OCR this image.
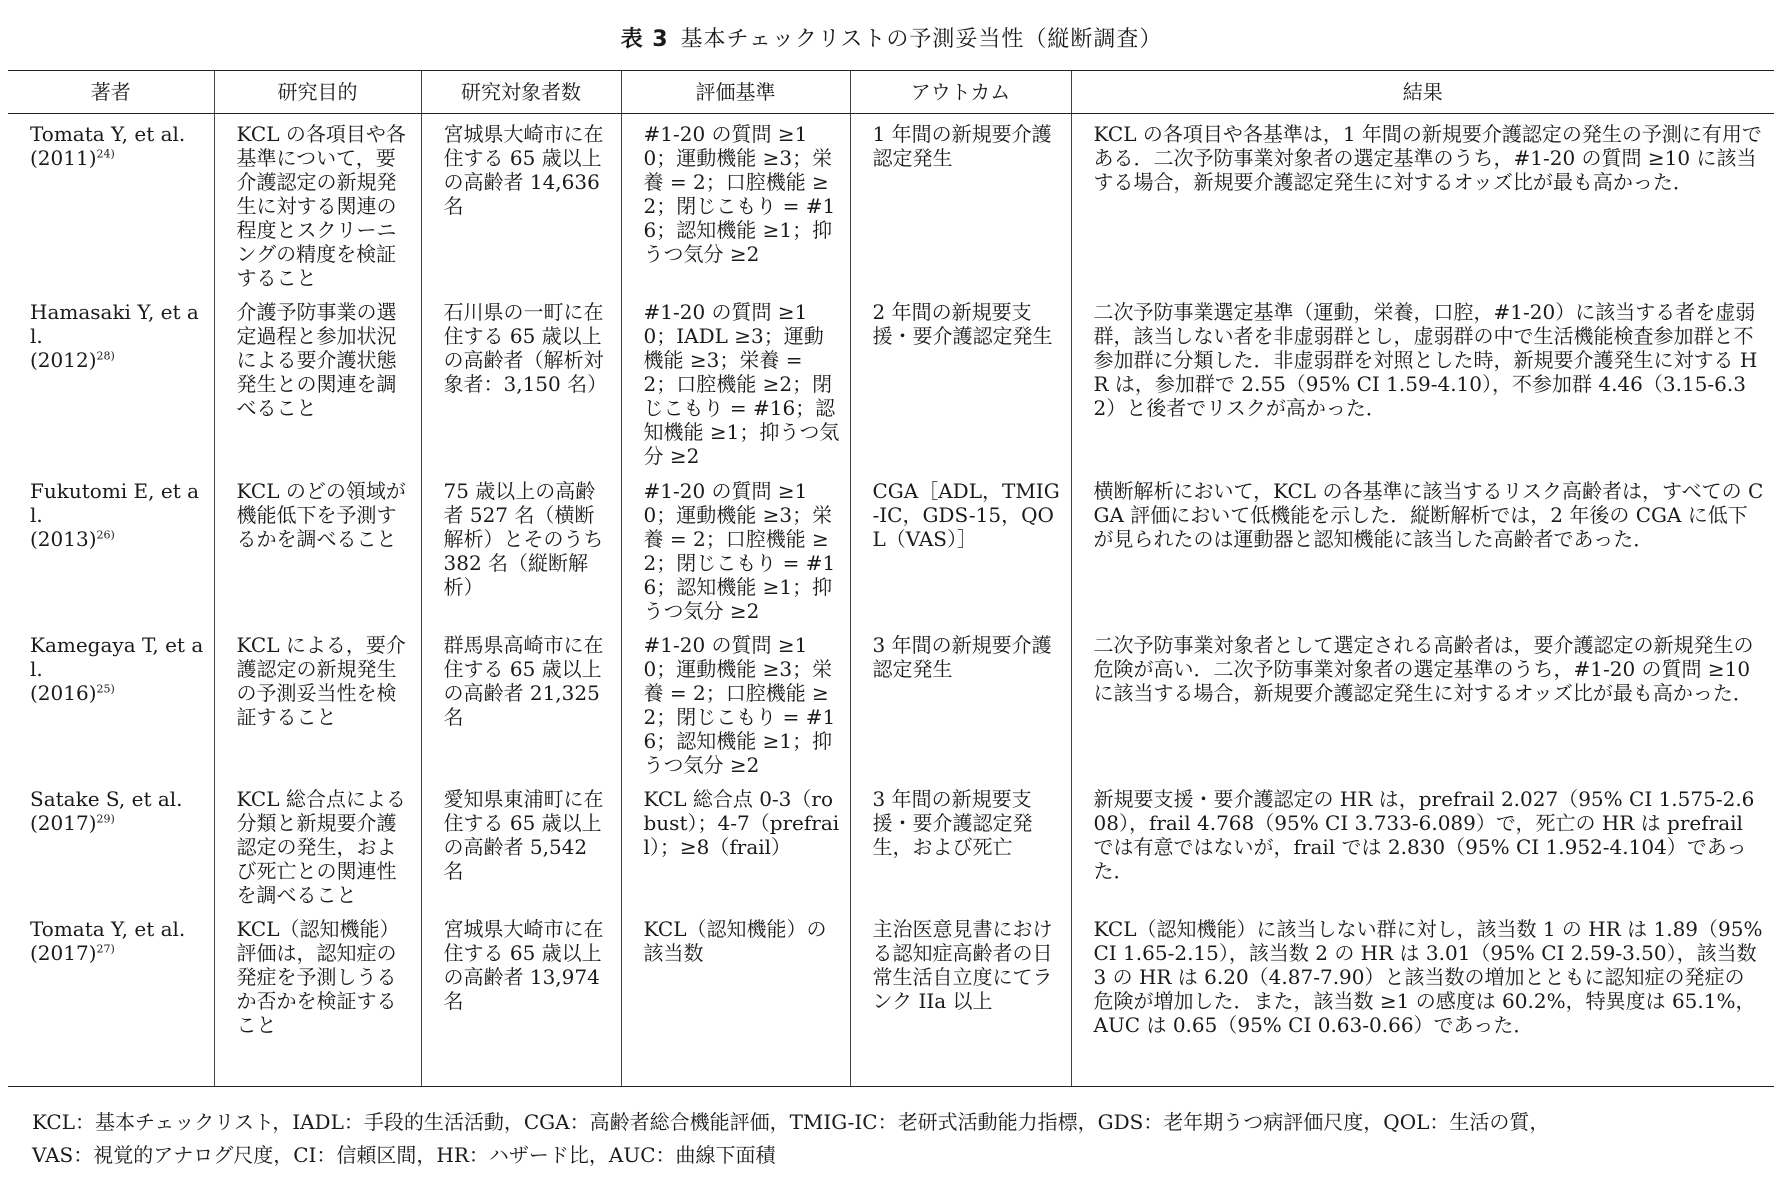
表 3 基本チェックリストの予測妥当性（縦断調査）
著者	研究目的	研究対象者数	評価基準	アウトカム	結果

Tomata Y, et al.
$(2011)^{24)}$	KCL の各項目や各基準について，要介護認定の新規発生に対する関連の程度とスクリーニングの精度を検証すること	宮城県大崎市に在住する 65 歳以上の高齢者 14,636 名	#1-20 の質問 ≥10；運動機能 ≥3；栄養 = 2；口腔機能 ≥2；閉じこもり = #16；認知機能 ≥1；抑うつ気分 ≥2	1 年間の新規要介護認定発生	KCL の各項目や各基準は，1 年間の新規要介護認定の発生の予測に有用である．二次予防事業対象者の選定基準のうち，#1-20 の質問 ≥10 に該当する場合，新規要介護認定発生に対するオッズ比が最も高かった．

Hamasaki Y, et al.
$(2012)^{28)}$	介護予防事業の選定過程と参加状況による要介護状態発生との関連を調べること	石川県の一町に在住する 65 歳以上の高齢者（解析対象者：3,150 名）	#1-20 の質問 ≥10；IADL ≥3；運動機能 ≥3；栄養 = 2；口腔機能 ≥2；閉じこもり = #16；認知機能 ≥1；抑うつ気分 ≥2	2 年間の新規要支援・要介護認定発生	二次予防事業選定基準（運動，栄養，口腔，#1-20）に該当する者を虚弱群，該当しない者を非虚弱群とし，虚弱群の中で生活機能検査参加群と不参加群に分類した．非虚弱群を対照とした時，新規要介護発生に対する HR は，参加群で 2.55（95% CI 1.59-4.10），不参加群 4.46（3.15-6.32）と後者でリスクが高かった．

Fukutomi E, et al.
$(2013)^{26)}$	KCL のどの領域が機能低下を予測するかを調べること	75 歳以上の高齢者 527 名（横断解析）とそのうち 382 名（縦断解析）	#1-20 の質問 ≥10；運動機能 ≥3；栄養 = 2；口腔機能 ≥2；閉じこもり = #16；認知機能 ≥1；抑うつ気分 ≥2	CGA［ADL，TMIG-IC，GDS-15，QOL（VAS）］	横断解析において，KCL の各基準に該当するリスク高齢者は，すべての CGA 評価において低機能を示した．縦断解析では，2 年後の CGA に低下が見られたのは運動器と認知機能に該当した高齢者であった．

Kamegaya T, et al.
$(2016)^{25)}$	KCL による，要介護認定の新規発生の予測妥当性を検証すること	群馬県高崎市に在住する 65 歳以上の高齢者 21,325 名	#1-20 の質問 ≥10；運動機能 ≥3；栄養 = 2；口腔機能 ≥2；閉じこもり = #16；認知機能 ≥1；抑うつ気分 ≥2	3 年間の新規要介護認定発生	二次予防事業対象者として選定される高齢者は，要介護認定の新規発生の危険が高い．二次予防事業対象者の選定基準のうち，#1-20 の質問 ≥10 に該当する場合，新規要介護認定発生に対するオッズ比が最も高かった．

Satake S, et al.
$(2017)^{29)}$	KCL 総合点による分類と新規要介護認定の発生，および死亡との関連性を調べること	愛知県東浦町に在住する 65 歳以上の高齢者 5,542 名	KCL 総合点 0-3（robust）；4-7（prefrail）；≥8（frail）	3 年間の新規要支援・要介護認定発生，および死亡	新規要支援・要介護認定の HR は，prefrail 2.027（95% CI 1.575-2.608），frail 4.768（95% CI 3.733-6.089）で，死亡の HR は prefrail では有意ではないが，frail では 2.830（95% CI 1.952-4.104）であった．

Tomata Y, et al.
$(2017)^{27)}$	KCL（認知機能）評価は，認知症の発症を予測しうるか否かを検証すること	宮城県大崎市に在住する 65 歳以上の高齢者 13,974 名	KCL（認知機能）の該当数	主治医意見書における認知症高齢者の日常生活自立度にてランク IIa 以上	KCL（認知機能）に該当しない群に対し，該当数 1 の HR は 1.89（95% CI 1.65-2.15），該当数 2 の HR は 3.01（95% CI 2.59-3.50），該当数 3 の HR は 6.20（4.87-7.90）と該当数の増加とともに認知症の発症の危険が増加した．また，該当数 ≥1 の感度は 60.2%，特異度は 65.1%，AUC は 0.65（95% CI 0.63-0.66）であった．
KCL：基本チェックリスト，IADL：手段的生活活動，CGA：高齢者総合機能評価，TMIG-IC：老研式活動能力指標，GDS：老年期うつ病評価尺度，QOL：生活の質，
VAS：視覚的アナログ尺度，CI：信頼区間，HR：ハザード比，AUC：曲線下面積
